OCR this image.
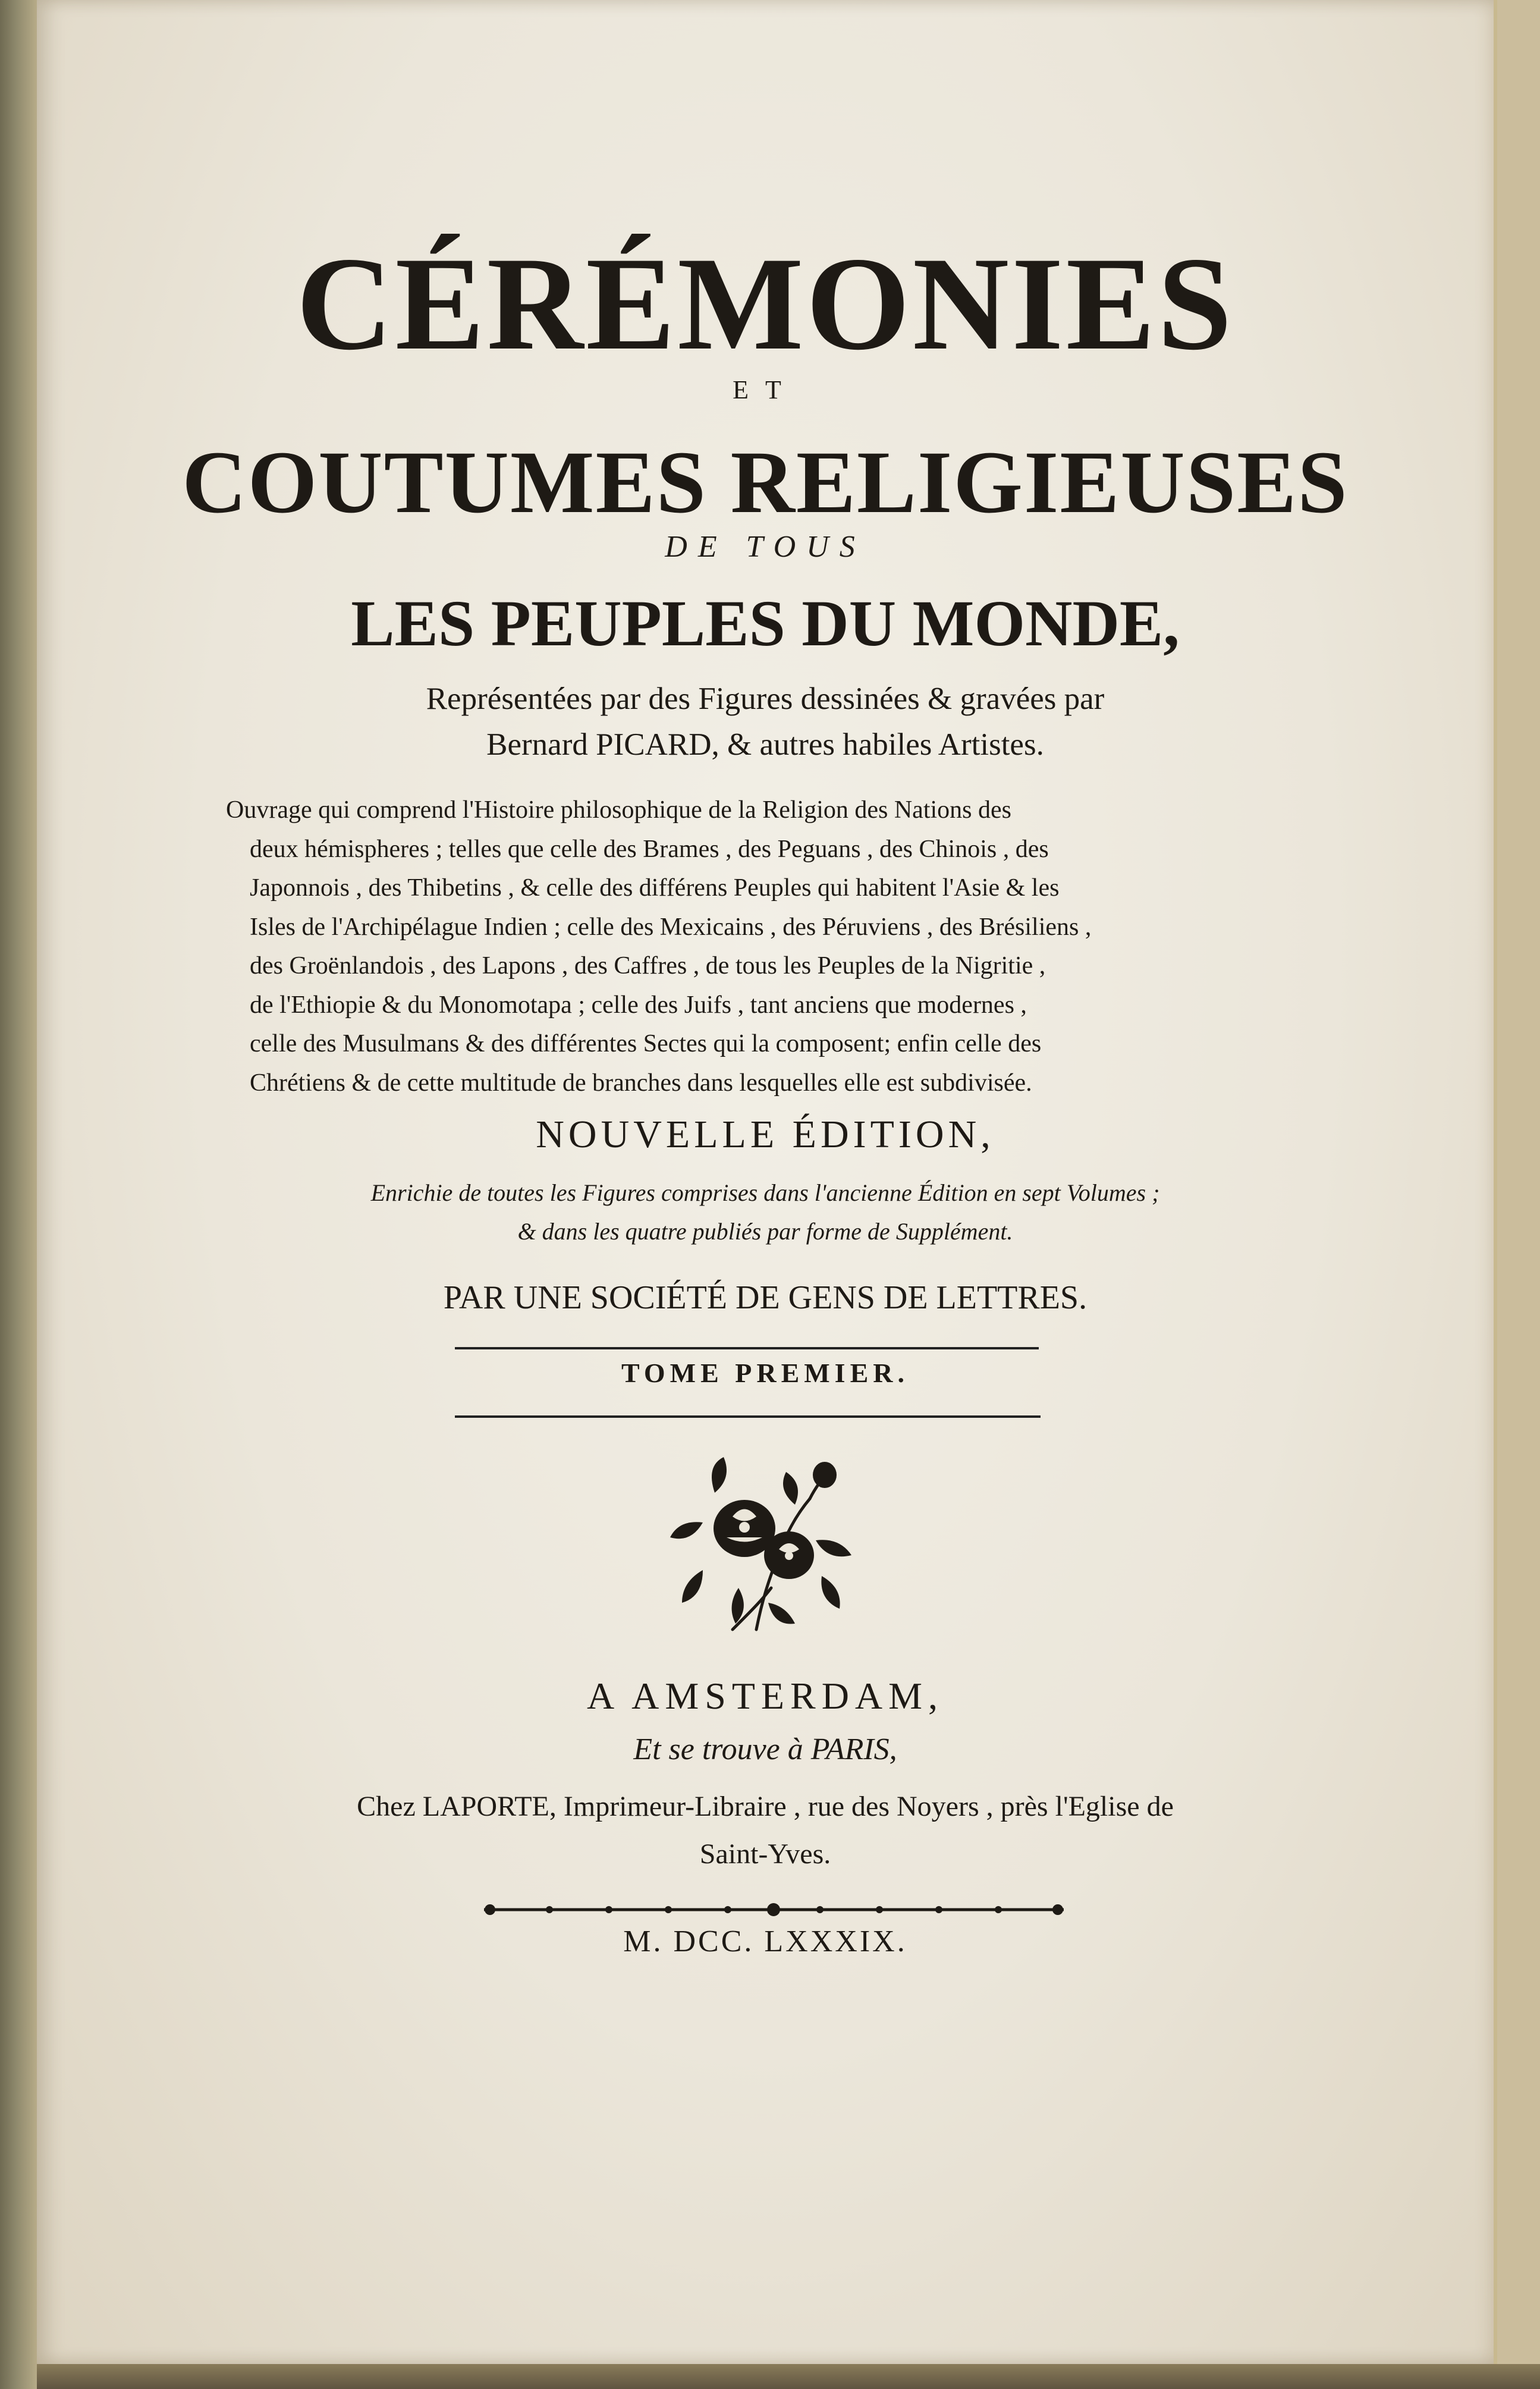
CÉRÉMONIES
ET
COUTUMES RELIGIEUSES
DE TOUS
LES PEUPLES DU MONDE,
Représentées par des Figures dessinées & gravées par
Bernard PICARD, & autres habiles Artistes.
Ouvrage qui comprend l'Histoire philosophique de la Religion des Nations des
deux hémispheres ; telles que celle des Brames , des Peguans , des Chinois , des
Japonnois , des Thibetins , & celle des différens Peuples qui habitent l'Asie & les
Isles de l'Archipélague Indien ; celle des Mexicains , des Péruviens , des Brésiliens ,
des Groënlandois , des Lapons , des Caffres , de tous les Peuples de la Nigritie ,
de l'Ethiopie & du Monomotapa ; celle des Juifs , tant anciens que modernes ,
celle des Musulmans & des différentes Sectes qui la composent; enfin celle des
Chrétiens & de cette multitude de branches dans lesquelles elle est subdivisée.
NOUVELLE ÉDITION,
Enrichie de toutes les Figures comprises dans l'ancienne Édition en sept Volumes ;
& dans les quatre publiés par forme de Supplément.
PAR UNE SOCIÉTÉ DE GENS DE LETTRES.
TOME PREMIER.
A AMSTERDAM,
Et se trouve à PARIS,
Chez LAPORTE, Imprimeur-Libraire , rue des Noyers , près l'Eglise de
Saint-Yves.
M. DCC. LXXXIX.
